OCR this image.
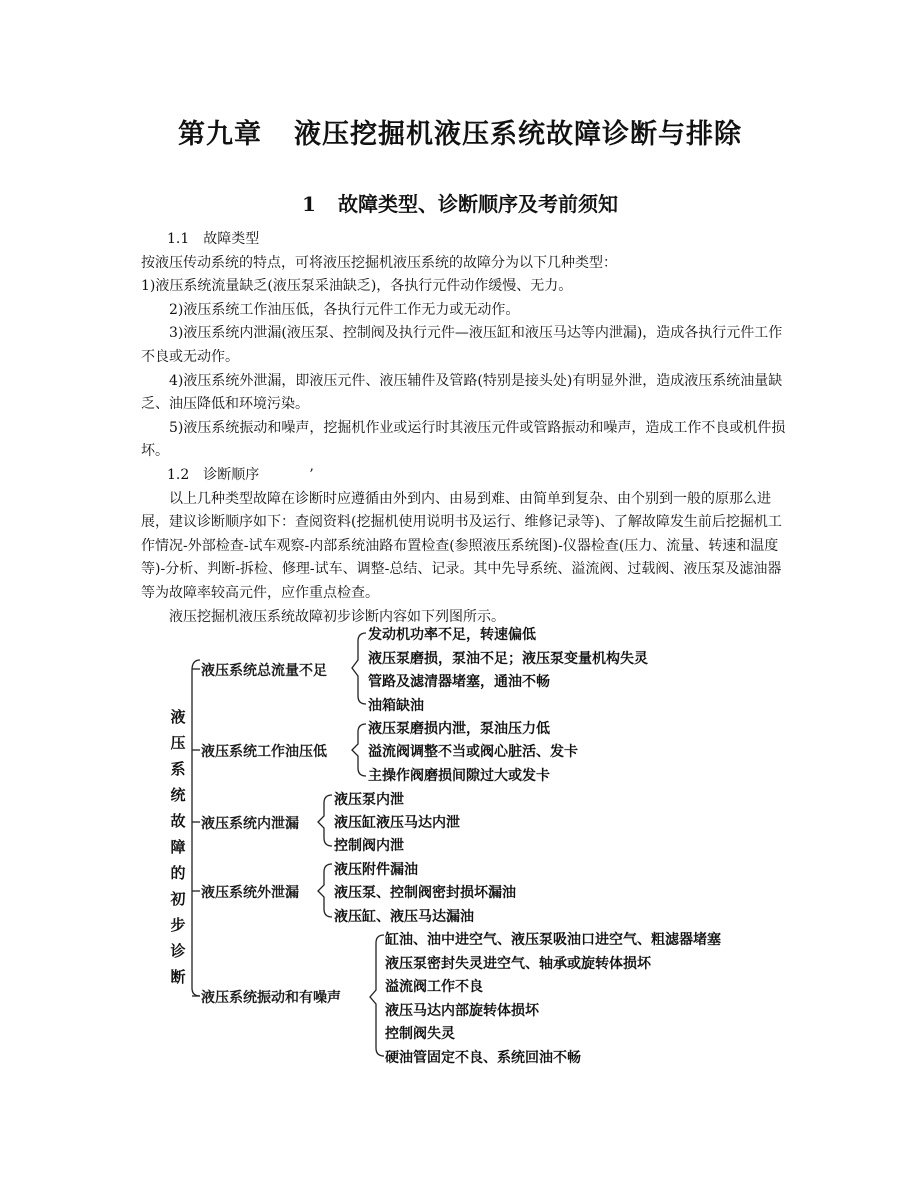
第九章 液压挖掘机液压系统故障诊断与排除
1 故障类型、诊断顺序及考前须知

1.1 故障类型

按液压传动系统的特点，可将液压挖掘机液压系统的故障分为以下几种类型：

1)液压系统流量缺乏(液压泵采油缺乏)，各执行元件动作缓慢、无力。

2)液压系统工作油压低，各执行元件工作无力或无动作。

3)液压系统内泄漏(液压泵、控制阀及执行元件—液压缸和液压马达等内泄漏)，造成各执行元件工作不良或无动作。

4)液压系统外泄漏，即液压元件、液压辅件及管路(特别是接头处)有明显外泄，造成液压系统油量缺乏、油压降低和环境污染。

5)液压系统振动和噪声，挖掘机作业或运行时其液压元件或管路振动和噪声，造成工作不良或机件损坏。

1.2 诊断顺序	’

以上几种类型故障在诊断时应遵循由外到内、由易到难、由简单到复杂、由个别到一般的原那么进展，建议诊断顺序如下：查阅资料(挖掘机使用说明书及运行、维修记录等)、了解故障发生前后挖掘机工作情况-外部检查-试车观察-内部系统油路布置检查(参照液压系统图)-仪器检查(压力、流量、转速和温度等)-分析、判断-拆检、修理-试车、调整-总结、记录。其中先导系统、溢流阀、过载阀、液压泵及滤油器等为故障率较高元件，应作重点检查。

液压挖掘机液压系统故障初步诊断内容如下列图所示。

液
压
系
统
故
障
的
初
步
诊
断
液压系统总流量不足
液压系统工作油压低
液压系统内泄漏
液压系统外泄漏
液压系统振动和有噪声
发动机功率不足，转速偏低
液压泵磨损，泵油不足；液压泵变量机构失灵
管路及滤清器堵塞，通油不畅
油箱缺油
液压泵磨损内泄，泵油压力低
溢流阀调整不当或阀心脏活、发卡
主操作阀磨损间隙过大或发卡
液压泵内泄
液压缸液压马达内泄
控制阀内泄
液压附件漏油
液压泵、控制阀密封损坏漏油
液压缸、液压马达漏油
缸油、油中进空气、液压泵吸油口进空气、粗滤器堵塞
液压泵密封失灵进空气、轴承或旋转体损坏
溢流阀工作不良
液压马达内部旋转体损坏
控制阀失灵
硬油管固定不良、系统回油不畅
